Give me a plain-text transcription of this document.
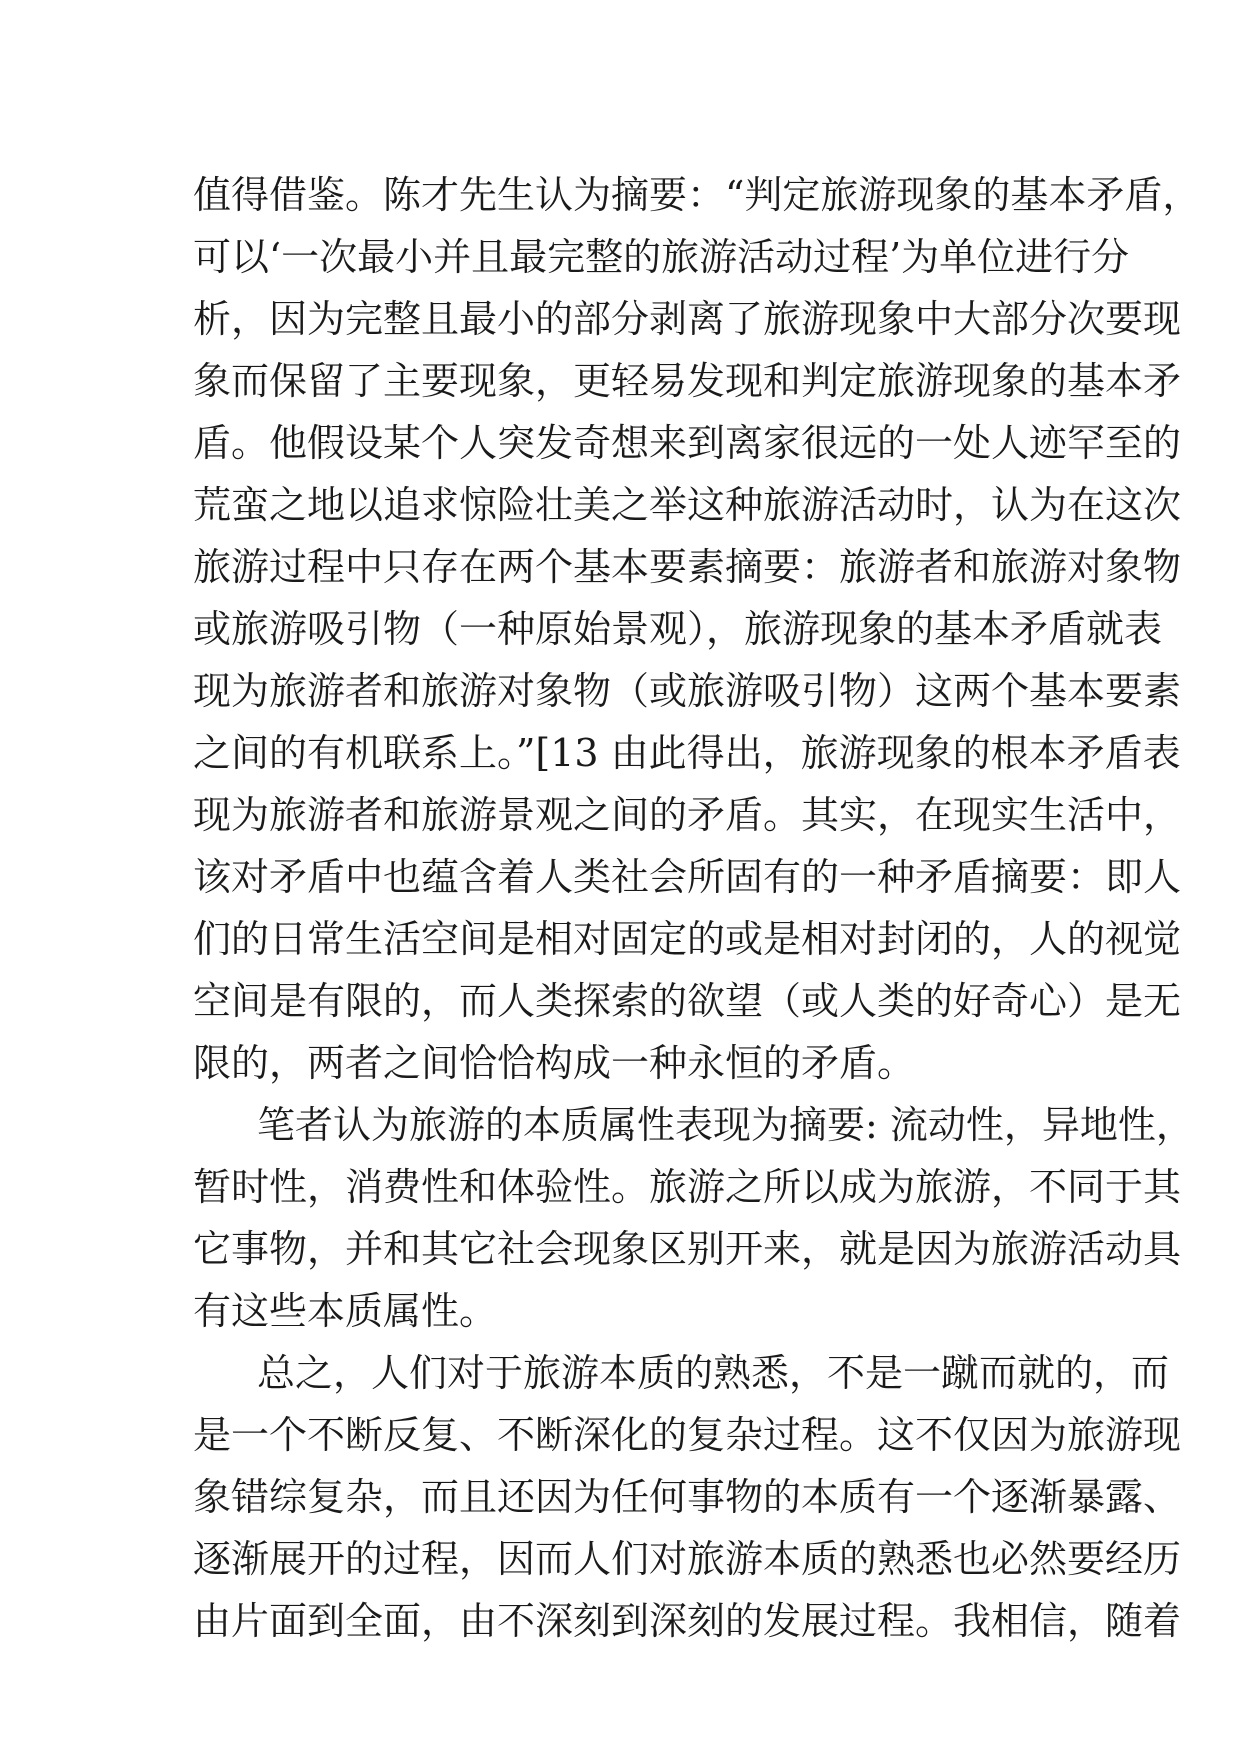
值得借鉴。陈才先生认为摘要：“判定旅游现象的基本矛盾，
可以‘一次最小并且最完整的旅游活动过程’为单位进行分
析，因为完整且最小的部分剥离了旅游现象中大部分次要现
象而保留了主要现象，更轻易发现和判定旅游现象的基本矛
盾。他假设某个人突发奇想来到离家很远的一处人迹罕至的
荒蛮之地以追求惊险壮美之举这种旅游活动时，认为在这次
旅游过程中只存在两个基本要素摘要：旅游者和旅游对象物
或旅游吸引物（一种原始景观），旅游现象的基本矛盾就表
现为旅游者和旅游对象物（或旅游吸引物）这两个基本要素
之间的有机联系上。”[13 由此得出，旅游现象的根本矛盾表
现为旅游者和旅游景观之间的矛盾。其实，在现实生活中，
该对矛盾中也蕴含着人类社会所固有的一种矛盾摘要：即人
们的日常生活空间是相对固定的或是相对封闭的，人的视觉
空间是有限的，而人类探索的欲望（或人类的好奇心）是无
限的，两者之间恰恰构成一种永恒的矛盾。
笔者认为旅游的本质属性表现为摘要: 流动性，异地性，
暂时性，消费性和体验性。旅游之所以成为旅游，不同于其
它事物，并和其它社会现象区别开来，就是因为旅游活动具
有这些本质属性。
总之，人们对于旅游本质的熟悉，不是一蹴而就的，而
是一个不断反复、不断深化的复杂过程。这不仅因为旅游现
象错综复杂，而且还因为任何事物的本质有一个逐渐暴露、
逐渐展开的过程，因而人们对旅游本质的熟悉也必然要经历
由片面到全面，由不深刻到深刻的发展过程。我相信，随着
